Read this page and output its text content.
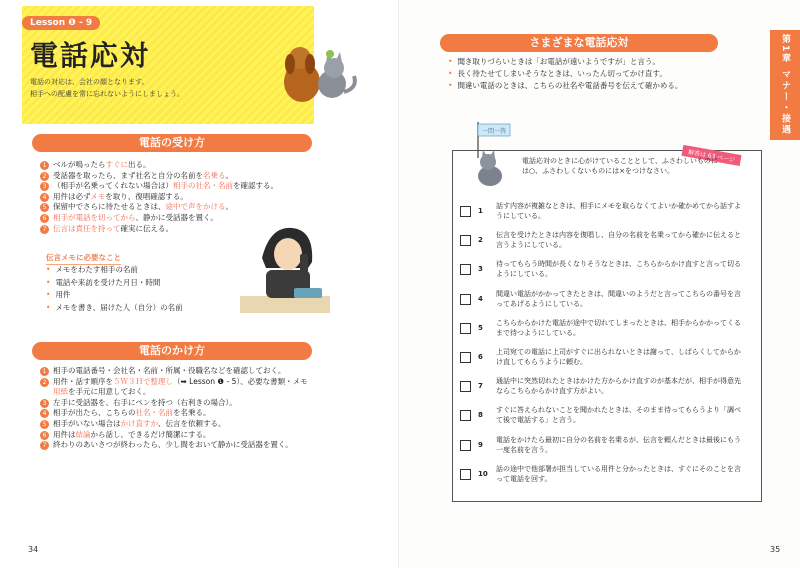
Lesson ❶ - 9
電話応対
電話の対応は、会社の顔となります。
相手への配慮を常に忘れないようにしましょう。
電話の受け方
1 ベルが鳴ったらすぐに出る。
2 受話器を取ったら、まず社名と自分の名前を名乗る。
3 （相手が名乗ってくれない場合は）相手の社名・名前を確認する。
4 用件は必ずメモを取り、復唱確認する。
5 保留中でさらに待たせるときは、途中で声をかける。
6 相手が電話を切ってから、静かに受話器を置く。
7 伝言は責任を持って確実に伝える。
伝言メモに必要なこと
• メモをわたす相手の名前
• 電話や来訪を受けた月日・時間
• 用件
• メモを書き、届けた人（自分）の名前
電話のかけ方
1 相手の電話番号・会社名・名前・所属・役職名などを確認しておく。
2 用件・話す順序を５Ｗ３Ｈで整理し（➡ Lesson ❶ - 5）、必要な書類・メモ
用紙を手元に用意しておく。
3 左手に受話器を、右手にペンを持つ（右利きの場合）。
4 相手が出たら、こちらの社名・名前を名乗る。
5 相手がいない場合はかけ直すか、伝言を依頼する。
6 用件は結論から話し、できるだけ簡潔にする。
7 終わりのあいさつが終わったら、少し間をおいて静かに受話器を置く。
34
さまざまな電話応対
• 聞き取りづらいときは「お電話が遠いようですが」と言う。
• 長く待たせてしまいそうなときは、いったん切ってかけ直す。
• 間違い電話のときは、こちらの社名や電話番号を伝えて確かめる。	第1章 マナー・接遇
一問一答
解答は 63 ページ
電話応対のときに心がけていることとして、ふさわしいものには○、ふさわしくないものには×をつけなさい。
1
話す内容が複雑なときは、相手にメモを取らなくてよいか確かめてから話すようにしている。
2
伝言を受けたときは内容を復唱し、自分の名前を名乗ってから確かに伝えると言うようにしている。
3
待ってもらう時間が長くなりそうなときは、こちらからかけ直すと言って切るようにしている。
4
間違い電話がかかってきたときは、間違いのようだと言ってこちらの番号を言ってあげるようにしている。
5
こちらからかけた電話が途中で切れてしまったときは、相手からかかってくるまで待つようにしている。
6
上司宛ての電話に上司がすぐに出られないときは謝って、しばらくしてからかけ直してもらうように頼む。
7
通話中に突然切れたときはかけた方からかけ直すのが基本だが、相手が得意先ならこちらからかけ直す方がよい。
8
すぐに答えられないことを聞かれたときは、そのまま待ってもらうより「調べて後で電話する」と言う。
9
電話をかけたら最初に自分の名前を名乗るが、伝言を頼んだときは最後にもう一度名前を言う。
10
話の途中で他部署が担当している用件と分かったときは、すぐにそのことを言って電話を回す。
35
